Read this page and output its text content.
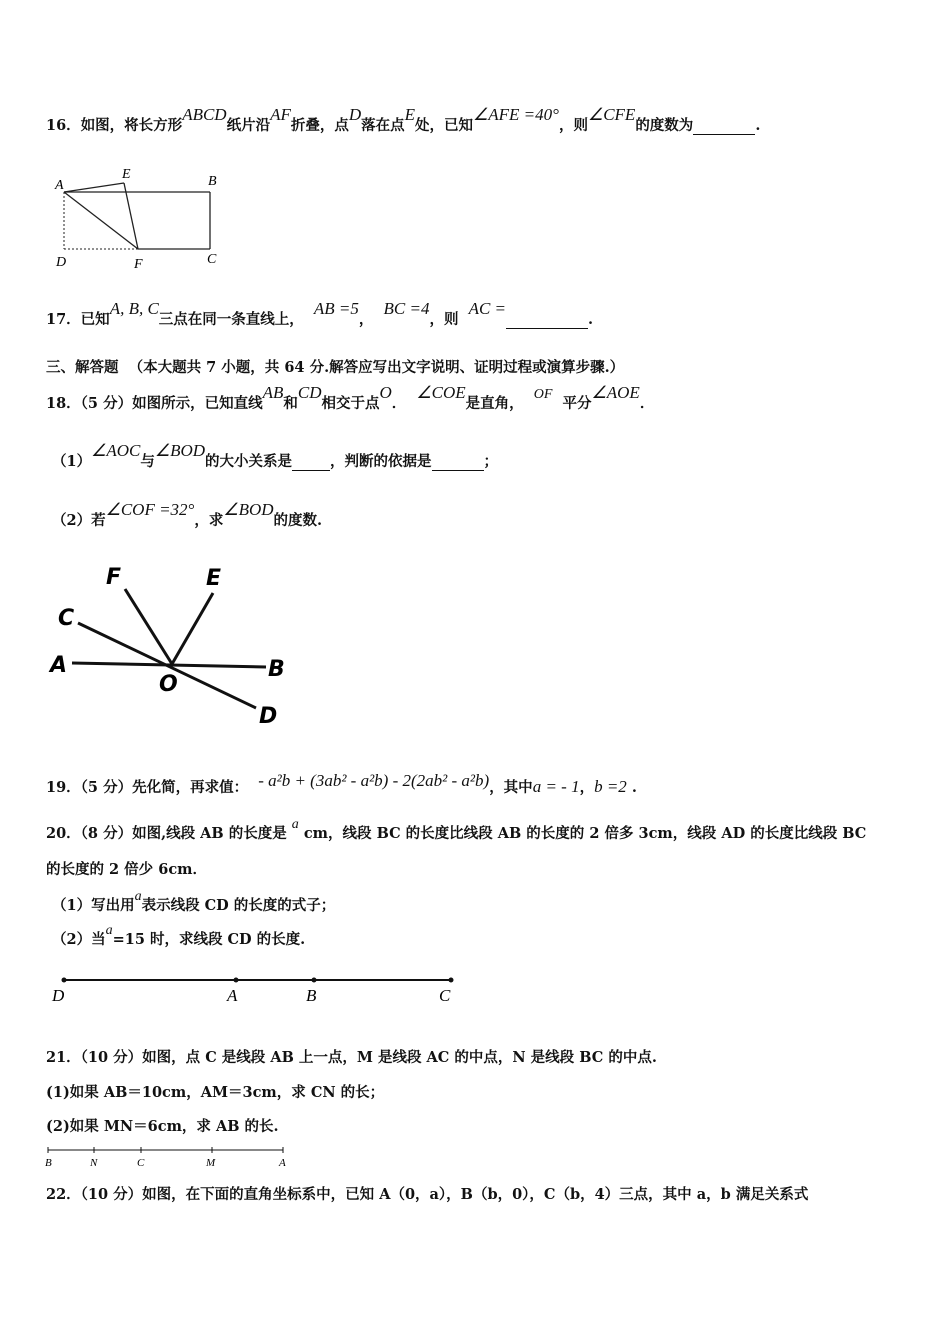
16．如图，将长方形ABCD纸片沿AF折叠，点D落在点E处，已知∠AFE =40°，则∠CFE的度数为	.
A
E	B
D	F	C
17．已知A, B, C三点在同一条直线上，  AB =5，  BC =4，则  AC =.
三、解答题 （本大题共 7 小题，共 64 分.解答应写出文字说明、证明过程或演算步骤.）
18．（5 分）如图所示，已知直线AB和CD相交于点O．  ∠COE是直角，  OF  平分∠AOE．
（1）∠AOC与∠BOD的大小关系是	，判断的依据是	；
（2）若∠COF =32°，求∠BOD的度数.
F	E
C
A
O
B
D
19．（5 分）先化简，再求值： - a²b + (3ab² - a²b) - 2(2ab² - a²b)，其中a = - 1，b =2 .
20．（8 分）如图,线段 AB 的长度是 a cm，线段 BC 的长度比线段 AB 的长度的 2 倍多 3cm，线段 AD 的长度比线段 BC
的长度的 2 倍少 6cm．
（1）写出用a表示线段 CD 的长度的式子；
（2）当a=15 时，求线段 CD 的长度.
D	A	B	C
21．（10 分）如图，点 C 是线段 AB 上一点，M 是线段 AC 的中点，N 是线段 BC 的中点.
(1)如果 AB＝10cm，AM＝3cm，求 CN 的长；
(2)如果 MN＝6cm，求 AB 的长.
B	N	C	M	A
22．（10 分）如图，在下面的直角坐标系中，已知 A（0，a），B（b，0），C（b，4）三点，其中 a，b 满足关系式
